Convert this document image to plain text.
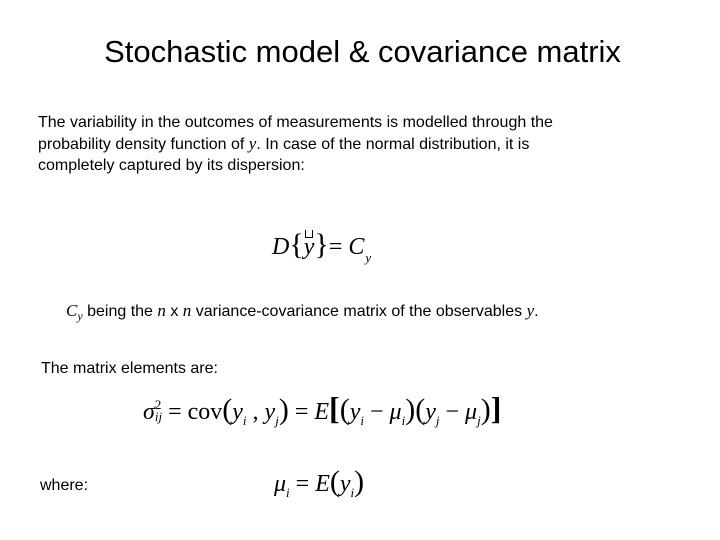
Stochastic model & covariance matrix
The variability in the outcomes of measurements is modelled through the
probability density function of y. In case of the normal distribution, it is
completely captured by its dispersion:
$D\{y\}= C_y$
$C_y$ being the n x n variance-covariance matrix of the observables y.
The matrix elements are:
σ 2
ij = $cov(y_i$ , $y_j) = E[(y_i - \mu_i)(y_j - \mu_j)]$
where:	$\mu_i = E(y_i)$
